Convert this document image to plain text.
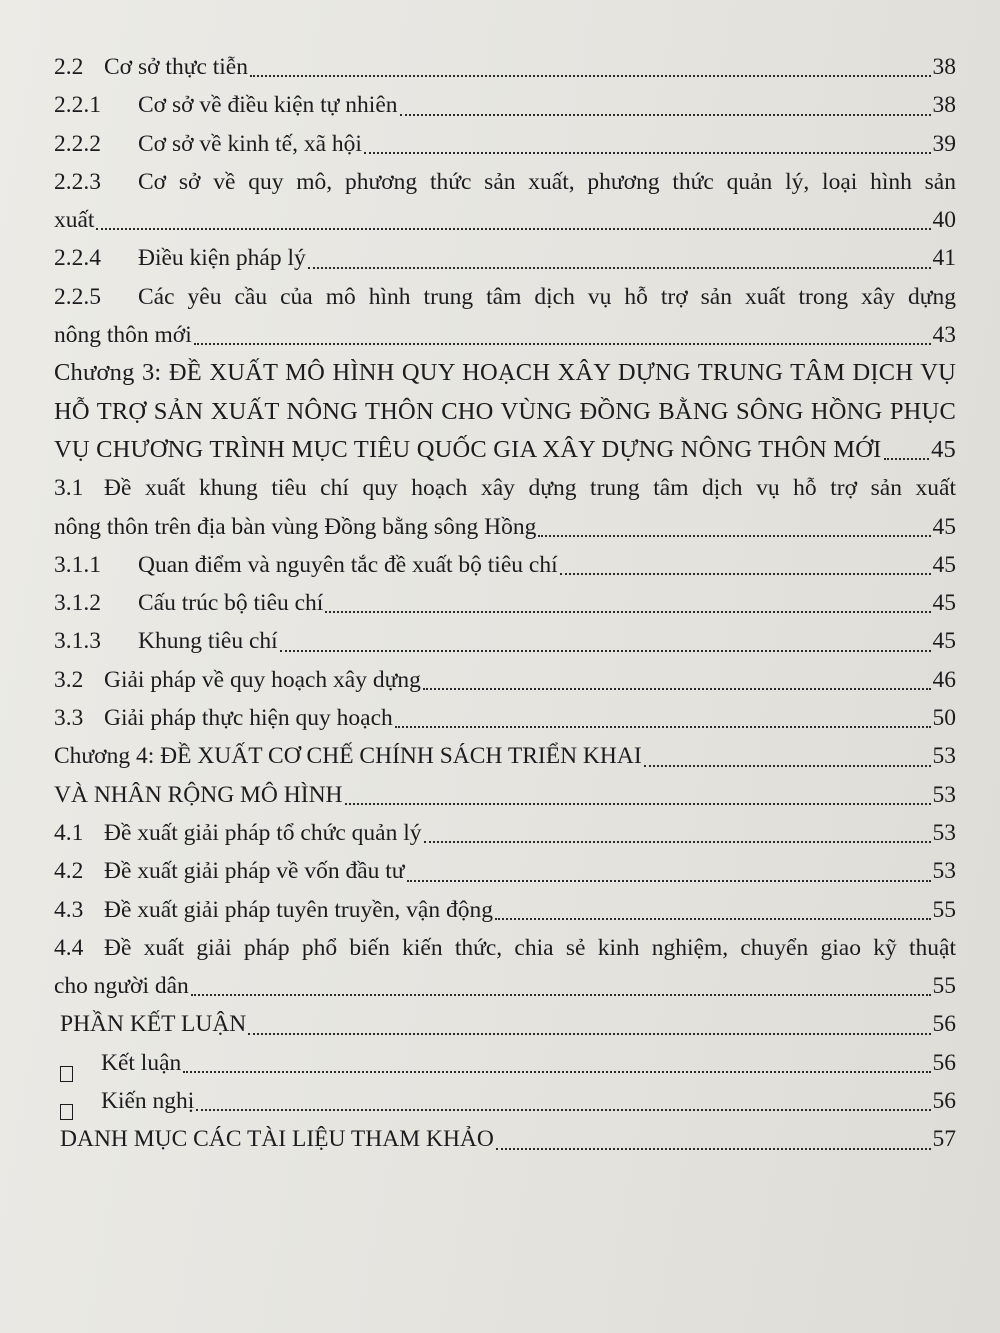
2.2 Cơ sở thực tiễn	38
2.2.1	Cơ sở về điều kiện tự nhiên	38
2.2.2	Cơ sở về kinh tế, xã hội	39
2.2.3 Cơ sở về quy mô, phương thức sản xuất, phương thức quản lý, loại hình sản
xuất	40
2.2.4	Điều kiện pháp lý	41
2.2.5 Các yêu cầu của mô hình trung tâm dịch vụ hỗ trợ sản xuất trong xây dựng
nông thôn mới	43
Chương 3: ĐỀ XUẤT MÔ HÌNH QUY HOẠCH XÂY DỰNG TRUNG TÂM DỊCH VỤ
HỖ TRỢ SẢN XUẤT NÔNG THÔN CHO VÙNG ĐỒNG BẰNG SÔNG HỒNG PHỤC
VỤ CHƯƠNG TRÌNH MỤC TIÊU QUỐC GIA XÂY DỰNG NÔNG THÔN MỚI 45
3.1 Đề xuất khung tiêu chí quy hoạch xây dựng trung tâm dịch vụ hỗ trợ sản xuất
nông thôn trên địa bàn vùng Đồng bằng sông Hồng	45
3.1.1	Quan điểm và nguyên tắc đề xuất bộ tiêu chí	45
3.1.2	Cấu trúc bộ tiêu chí	45
3.1.3	Khung tiêu chí	45
3.2 Giải pháp về quy hoạch xây dựng	46
3.3 Giải pháp thực hiện quy hoạch	50
Chương 4: ĐỀ XUẤT CƠ CHẾ CHÍNH SÁCH TRIỂN KHAI	53
VÀ NHÂN RỘNG MÔ HÌNH	53
4.1 Đề xuất giải pháp tổ chức quản lý	53
4.2 Đề xuất giải pháp về vốn đầu tư	53
4.3 Đề xuất giải pháp tuyên truyền, vận động	55
4.4 Đề xuất giải pháp phổ biến kiến thức, chia sẻ kinh nghiệm, chuyển giao kỹ thuật
cho người dân	55
PHẦN KẾT LUẬN	56
Kết luận	56
Kiến nghị	56
DANH MỤC CÁC TÀI LIỆU THAM KHẢO	57
